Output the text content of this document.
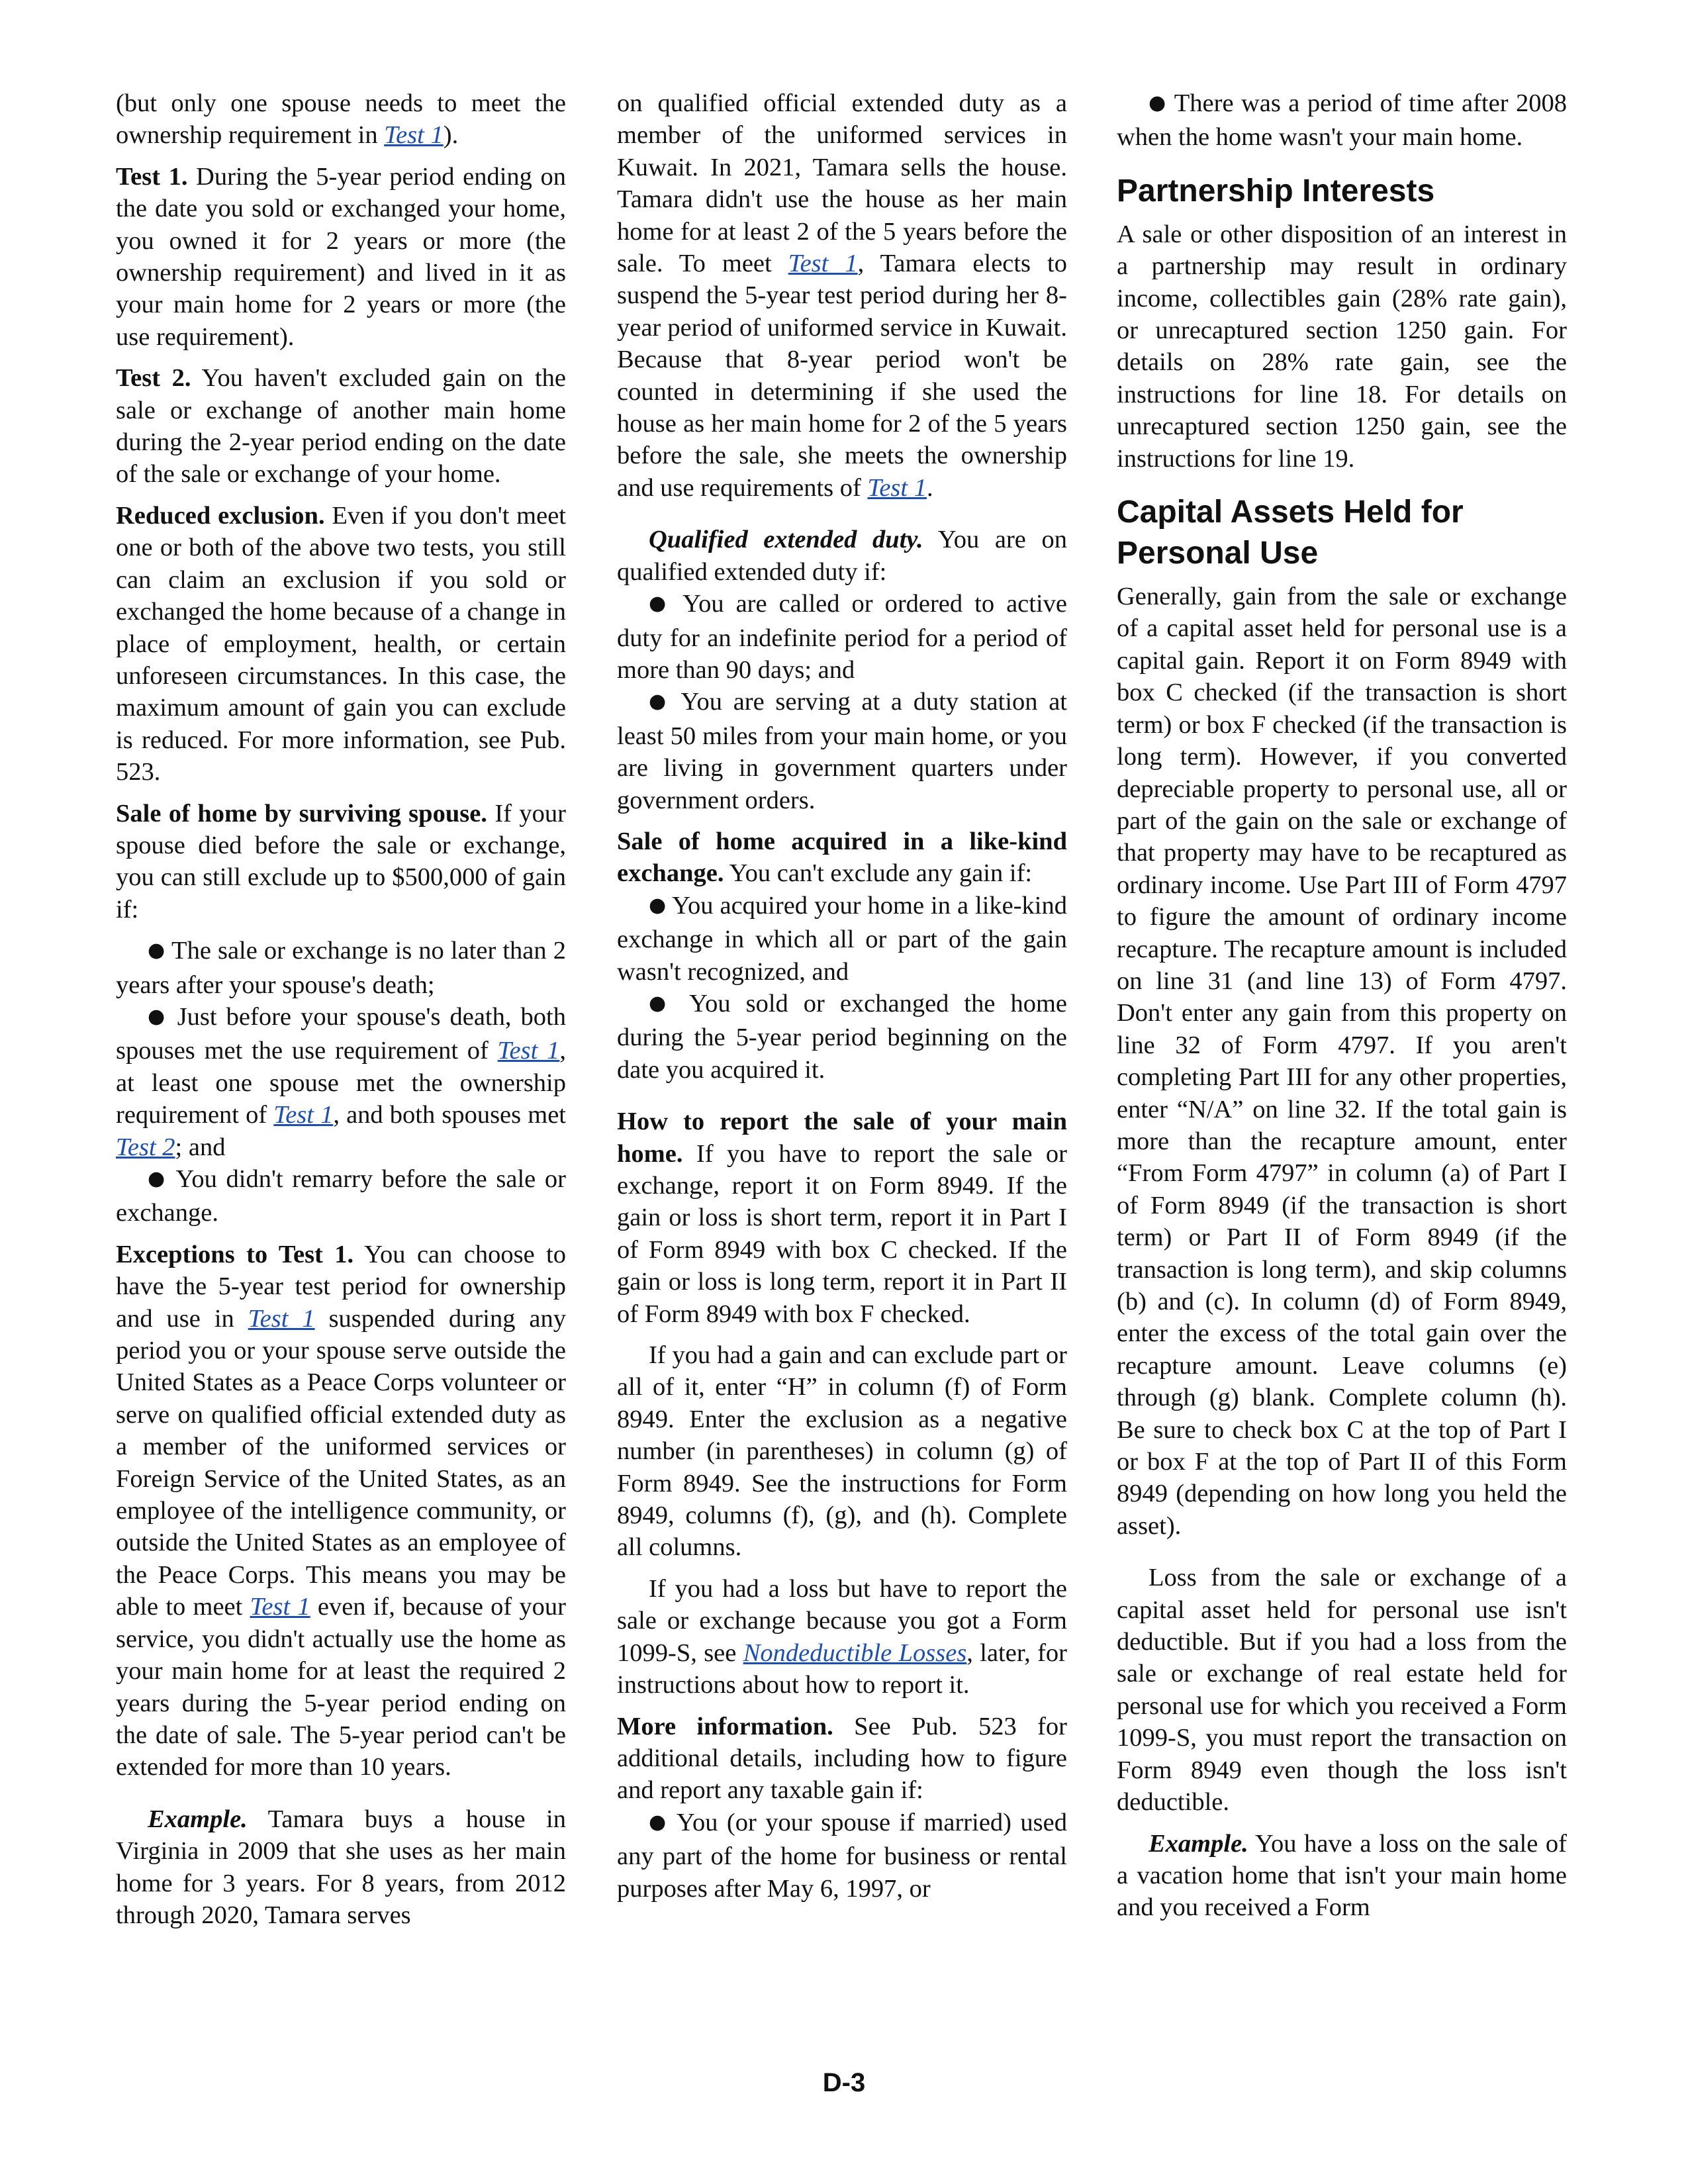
(but only one spouse needs to meet the ownership requirement in Test 1).

Test 1. During the 5-year period ending on the date you sold or exchanged your home, you owned it for 2 years or more (the ownership requirement) and lived in it as your main home for 2 years or more (the use requirement).

Test 2. You haven't excluded gain on the sale or exchange of another main home during the 2-year period ending on the date of the sale or exchange of your home.

Reduced exclusion. Even if you don't meet one or both of the above two tests, you still can claim an exclusion if you sold or exchanged the home because of a change in place of employment, health, or certain unforeseen circumstances. In this case, the maximum amount of gain you can exclude is reduced. For more information, see Pub. 523.

Sale of home by surviving spouse. If your spouse died before the sale or exchange, you can still exclude up to $500,000 of gain if:

● The sale or exchange is no later than 2 years after your spouse's death;

● Just before your spouse's death, both spouses met the use requirement of Test 1, at least one spouse met the ownership requirement of Test 1, and both spouses met Test 2; and

● You didn't remarry before the sale or exchange.

Exceptions to Test 1. You can choose to have the 5-year test period for ownership and use in Test 1 suspended during any period you or your spouse serve outside the United States as a Peace Corps volunteer or serve on qualified official extended duty as a member of the uniformed services or Foreign Service of the United States, as an employee of the intelligence community, or outside the United States as an employee of the Peace Corps. This means you may be able to meet Test 1 even if, because of your service, you didn't actually use the home as your main home for at least the required 2 years during the 5-year period ending on the date of sale. The 5-year period can't be extended for more than 10 years.

Example. Tamara buys a house in Virginia in 2009 that she uses as her main home for 3 years. For 8 years, from 2012 through 2020, Tamara serves

on qualified official extended duty as a member of the uniformed services in Kuwait. In 2021, Tamara sells the house. Tamara didn't use the house as her main home for at least 2 of the 5 years before the sale. To meet Test 1, Tamara elects to suspend the 5-year test period during her 8-year period of uniformed service in Kuwait. Because that 8-year period won't be counted in determining if she used the house as her main home for 2 of the 5 years before the sale, she meets the ownership and use requirements of Test 1.

Qualified extended duty. You are on qualified extended duty if:

● You are called or ordered to active duty for an indefinite period for a period of more than 90 days; and

● You are serving at a duty station at least 50 miles from your main home, or you are living in government quarters under government orders.

Sale of home acquired in a like-kind exchange. You can't exclude any gain if:

● You acquired your home in a like-kind exchange in which all or part of the gain wasn't recognized, and

● You sold or exchanged the home during the 5-year period beginning on the date you acquired it.

How to report the sale of your main home. If you have to report the sale or exchange, report it on Form 8949. If the gain or loss is short term, report it in Part I of Form 8949 with box C checked. If the gain or loss is long term, report it in Part II of Form 8949 with box F checked.

If you had a gain and can exclude part or all of it, enter “H” in column (f) of Form 8949. Enter the exclusion as a negative number (in parentheses) in column (g) of Form 8949. See the instructions for Form 8949, columns (f), (g), and (h). Complete all columns.

If you had a loss but have to report the sale or exchange because you got a Form 1099-S, see Nondeductible Losses, later, for instructions about how to report it.

More information. See Pub. 523 for additional details, including how to figure and report any taxable gain if:

● You (or your spouse if married) used any part of the home for business or rental purposes after May 6, 1997, or

● There was a period of time after 2008 when the home wasn't your main home.

Partnership Interests

A sale or other disposition of an interest in a partnership may result in ordinary income, collectibles gain (28% rate gain), or unrecaptured section 1250 gain. For details on 28% rate gain, see the instructions for line 18. For details on unrecaptured section 1250 gain, see the instructions for line 19.

Capital Assets Held for
Personal Use

Generally, gain from the sale or exchange of a capital asset held for personal use is a capital gain. Report it on Form 8949 with box C checked (if the transaction is short term) or box F checked (if the transaction is long term). However, if you converted depreciable property to personal use, all or part of the gain on the sale or exchange of that property may have to be recaptured as ordinary income. Use Part III of Form 4797 to figure the amount of ordinary income recapture. The recapture amount is included on line 31 (and line 13) of Form 4797. Don't enter any gain from this property on line 32 of Form 4797. If you aren't completing Part III for any other properties, enter “N/A” on line 32. If the total gain is more than the recapture amount, enter “From Form 4797” in column (a) of Part I of Form 8949 (if the transaction is short term) or Part II of Form 8949 (if the transaction is long term), and skip columns (b) and (c). In column (d) of Form 8949, enter the excess of the total gain over the recapture amount. Leave columns (e) through (g) blank. Complete column (h). Be sure to check box C at the top of Part I or box F at the top of Part II of this Form 8949 (depending on how long you held the asset).

Loss from the sale or exchange of a capital asset held for personal use isn't deductible. But if you had a loss from the sale or exchange of real estate held for personal use for which you received a Form 1099-S, you must report the transaction on Form 8949 even though the loss isn't deductible.

Example. You have a loss on the sale of a vacation home that isn't your main home and you received a Form

D-3
